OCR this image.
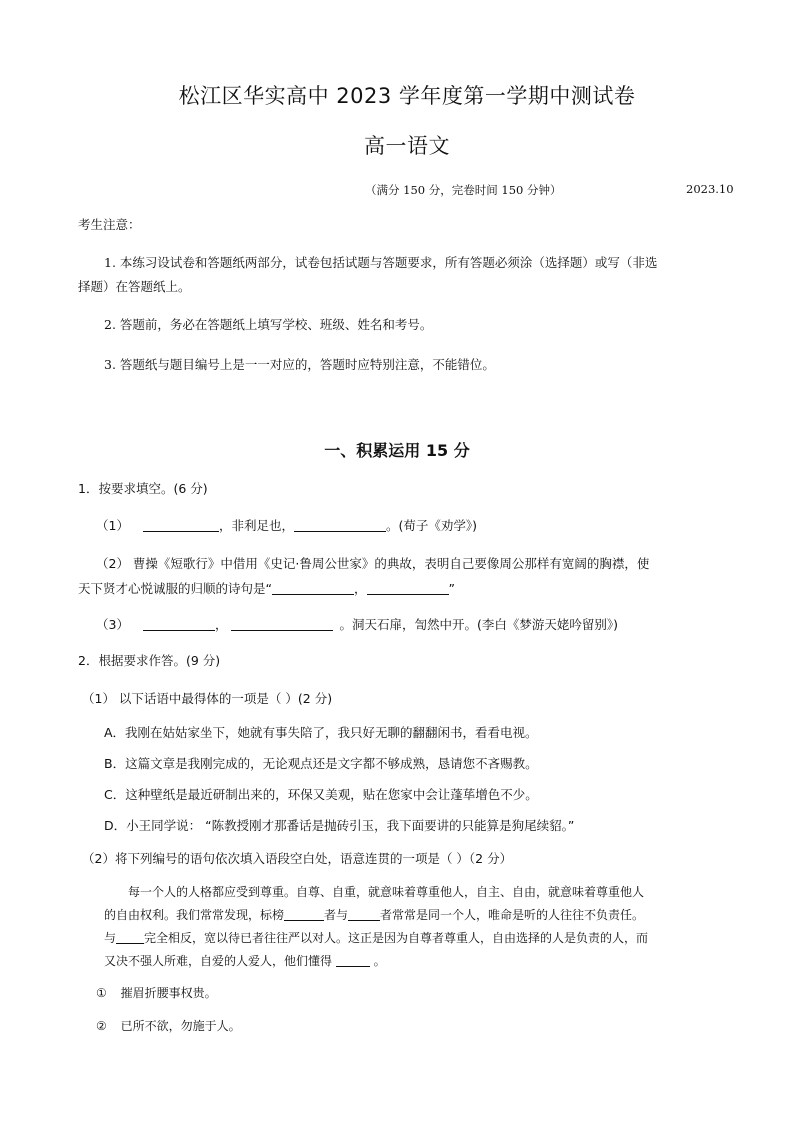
松江区华实高中 2023 学年度第一学期中测试卷
高一语文
（满分 150 分，完卷时间 150 分钟）	2023.10
考生注意：
1. 本练习设试卷和答题纸两部分，试卷包括试题与答题要求，所有答题必须涂（选择题）或写（非选
择题）在答题纸上。
2. 答题前，务必在答题纸上填写学校、班级、姓名和考号。
3. 答题纸与题目编号上是一一对应的，答题时应特别注意，不能错位。
一、积累运用 15 分
1．按要求填空。(6 分)
（1）	，非利足也，	。(荀子《劝学》)
（2） 曹操《短歌行》中借用《史记·鲁周公世家》的典故，表明自己要像周公那样有宽阔的胸襟，使
天下贤才心悦诚服的归顺的诗句是“	，	”
（3）	，	。洞天石扉，訇然中开。(李白《梦游天姥吟留别》)
2．根据要求作答。(9 分)
（1） 以下话语中最得体的一项是（ ）(2 分)
A．我刚在姑姑家坐下，她就有事失陪了，我只好无聊的翻翻闲书，看看电视。
B．这篇文章是我刚完成的，无论观点还是文字都不够成熟，恳请您不吝赐教。
C．这种壁纸是最近研制出来的，环保又美观，贴在您家中会让蓬荜增色不少。
D．小王同学说： “陈教授刚才那番话是抛砖引玉，我下面要讲的只能算是狗尾续貂。”
（2）将下列编号的语句依次填入语段空白处，语意连贯的一项是（ ）（2 分）
每一个人的人格都应受到尊重。自尊、自重，就意味着尊重他人，自主、自由，就意味着尊重他人
的自由权利。我们常常发现，标榜	者与	者常常是同一个人，唯命是听的人往往不负责任。
与 完全相反，宽以待已者往往严以对人。这正是因为自尊者尊重人，自由选择的人是负责的人，而
又决不强人所难，自爱的人爱人，他们懂得	。
① 摧眉折腰事权贵。
② 已所不欲，勿施于人。
